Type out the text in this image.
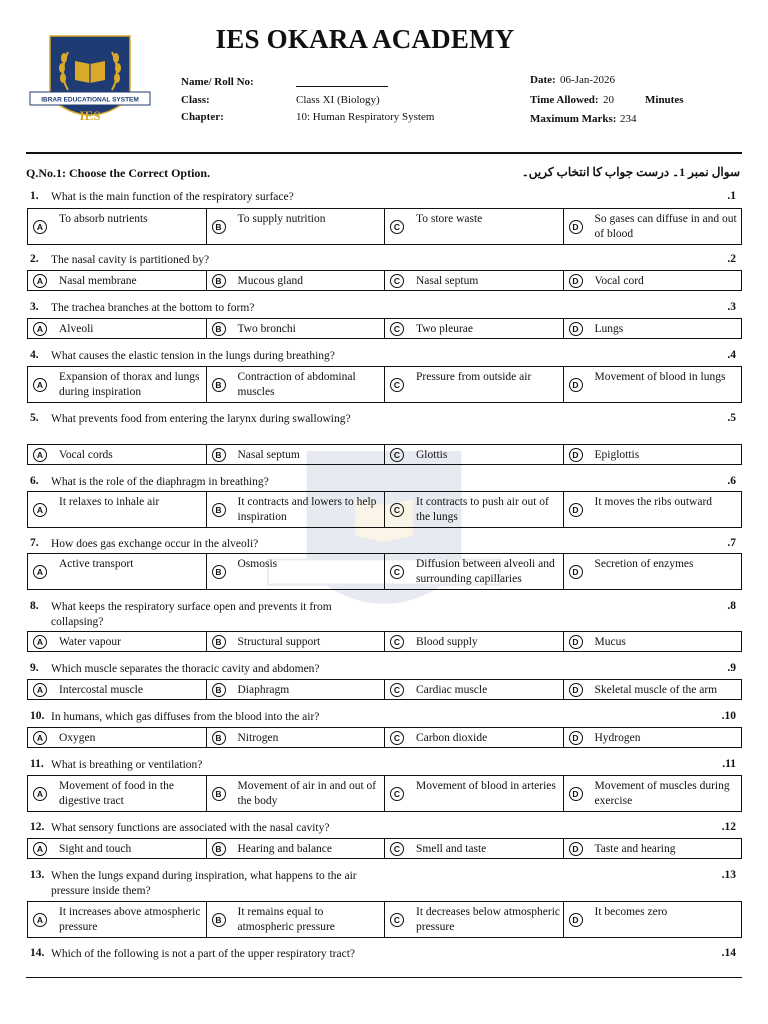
IBRAR EDUCATIONAL SYSTEM
IES
IES OKARA ACADEMY
Name/ Roll No:
Class:	Class XI (Biology)
Chapter:	10: Human Respiratory System
Date: 06-Jan-2026
Time Allowed: 20	Minutes
Maximum Marks: 234
Q.No.1: Choose the Correct Option.	سوال نمبر 1۔ درست جواب کا انتخاب کریں۔
1. What is the main function of the respiratory surface?	.1
A
To absorb nutrients
B
To supply nutrition
C
To store waste
D
So gases can diffuse in and out of blood
2. The nasal cavity is partitioned by?	.2
A	Nasal membrane	B	Mucous gland	C	Nasal septum	D	Vocal cord
3. The trachea branches at the bottom to form?	.3
A	Alveoli	B	Two bronchi	C	Two pleurae	D	Lungs
4. What causes the elastic tension in the lungs during breathing?	.4
A
Expansion of thorax and lungs during inspiration
B
Contraction of abdominal muscles
C
Pressure from outside air
D
Movement of blood in lungs
5. What prevents food from entering the larynx during swallowing?	.5
A	Vocal cords	B	Nasal septum	C	Glottis	D	Epiglottis
6. What is the role of the diaphragm in breathing?	.6
A
It relaxes to inhale air
B
It contracts and lowers to help inspiration
C
It contracts to push air out of the lungs
D
It moves the ribs outward
7. How does gas exchange occur in the alveoli?	.7
A
Active transport
B
Osmosis
C
Diffusion between alveoli and surrounding capillaries
D
Secretion of enzymes
8. What keeps the respiratory surface open and prevents it from collapsing?
.8
A	Water vapour	B	Structural support	C	Blood supply	D	Mucus
9. Which muscle separates the thoracic cavity and abdomen?	.9
A	Intercostal muscle	B	Diaphragm	C	Cardiac muscle	D	Skeletal muscle of the arm
10. In humans, which gas diffuses from the blood into the air?	.10
A	Oxygen	B	Nitrogen	C	Carbon dioxide	D	Hydrogen
11. What is breathing or ventilation?	.11
A
Movement of food in the digestive tract
B
Movement of air in and out of the body
C
Movement of blood in arteries
D
Movement of muscles during exercise
12. What sensory functions are associated with the nasal cavity?	.12
A	Sight and touch	B	Hearing and balance	C	Smell and taste	D	Taste and hearing
13. When the lungs expand during inspiration, what happens to the air pressure inside them?
.13
A
It increases above atmospheric pressure
B
It remains equal to atmospheric pressure
C
It decreases below atmospheric pressure
D
It becomes zero
14. Which of the following is not a part of the upper respiratory tract?	.14
